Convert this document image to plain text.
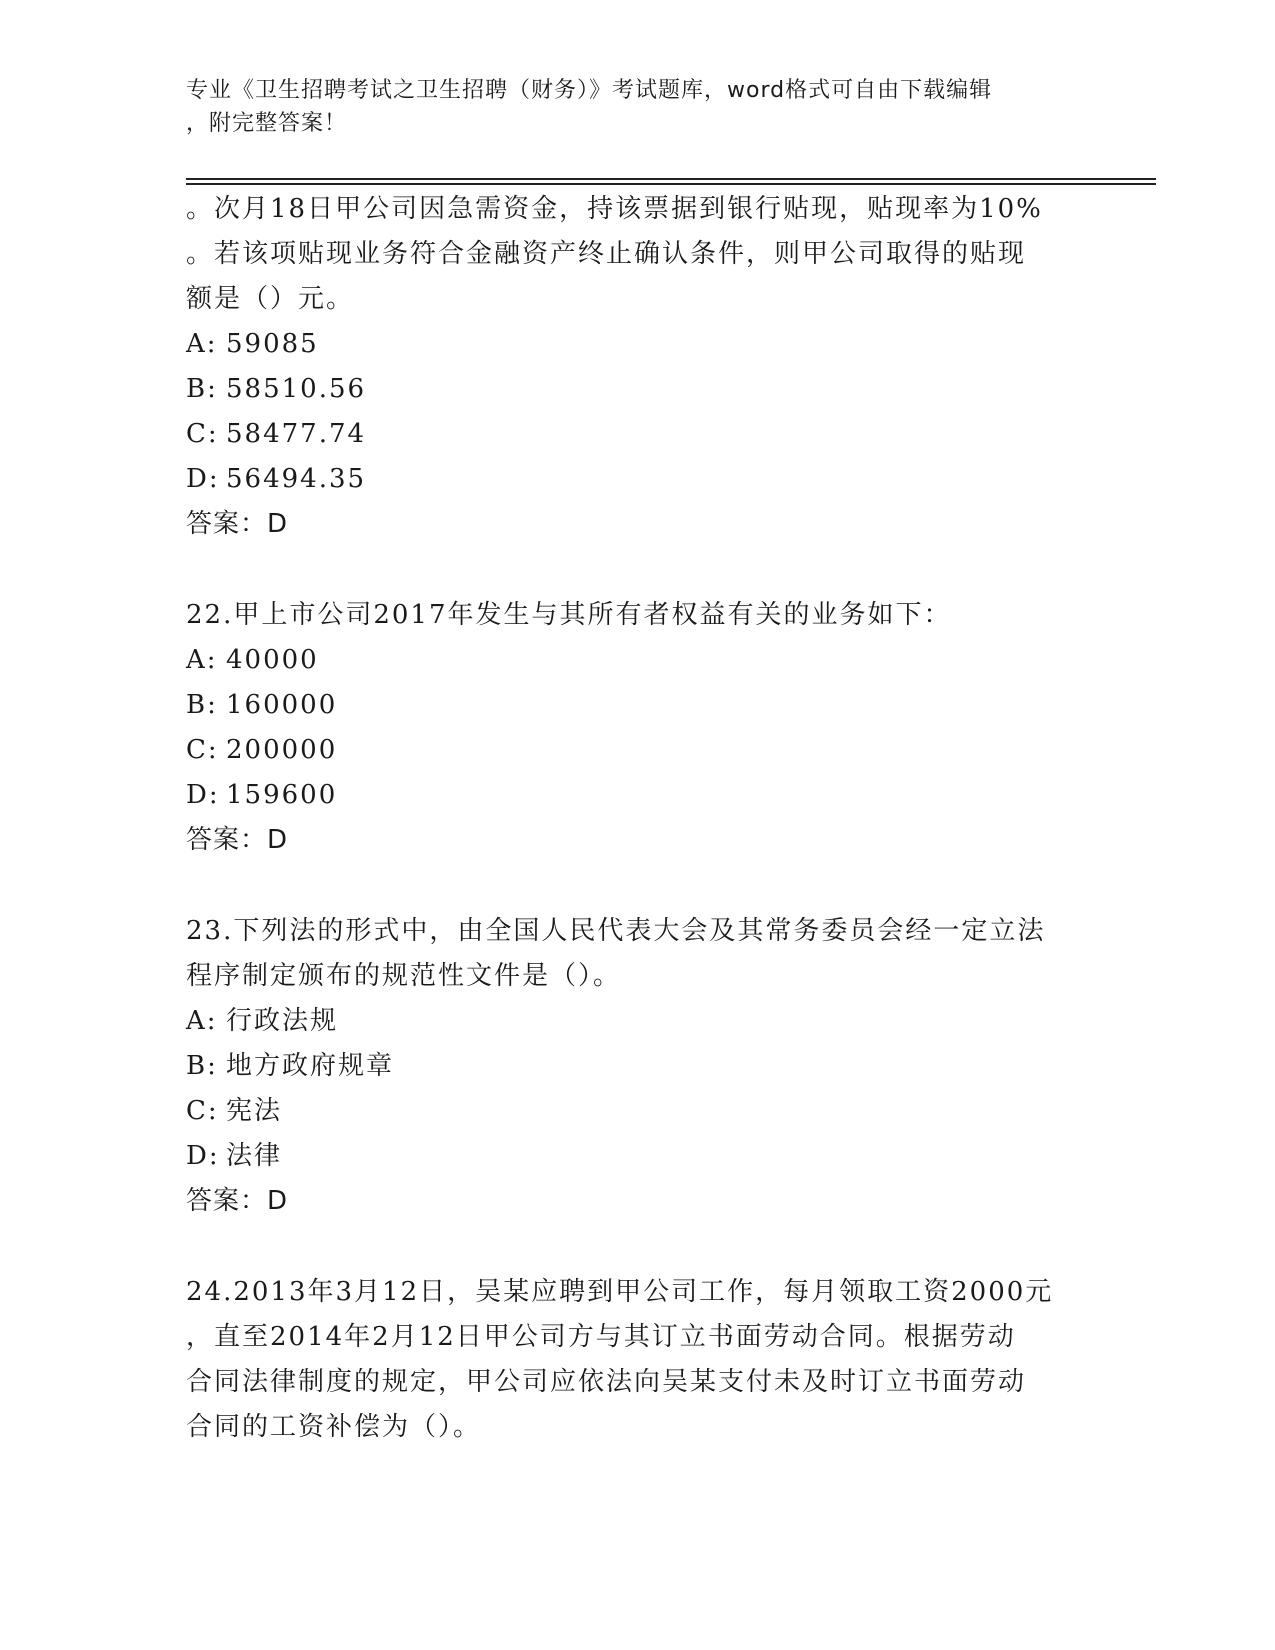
专业《卫生招聘考试之卫生招聘（财务）》考试题库，word格式可自由下载编辑
，附完整答案！
。次月18日甲公司因急需资金，持该票据到银行贴现，贴现率为10%
。若该项贴现业务符合金融资产终止确认条件，则甲公司取得的贴现
额是（）元。
A: 59085
B: 58510.56
C: 58477.74
D: 56494.35
答案：D
22.甲上市公司2017年发生与其所有者权益有关的业务如下：
A: 40000
B: 160000
C: 200000
D: 159600
答案：D
23.下列法的形式中，由全国人民代表大会及其常务委员会经一定立法
程序制定颁布的规范性文件是（）。
A: 行政法规
B: 地方政府规章
C: 宪法
D: 法律
答案：D
24.2013年3月12日，吴某应聘到甲公司工作，每月领取工资2000元
，直至2014年2月12日甲公司方与其订立书面劳动合同。根据劳动
合同法律制度的规定，甲公司应依法向吴某支付未及时订立书面劳动
合同的工资补偿为（）。
